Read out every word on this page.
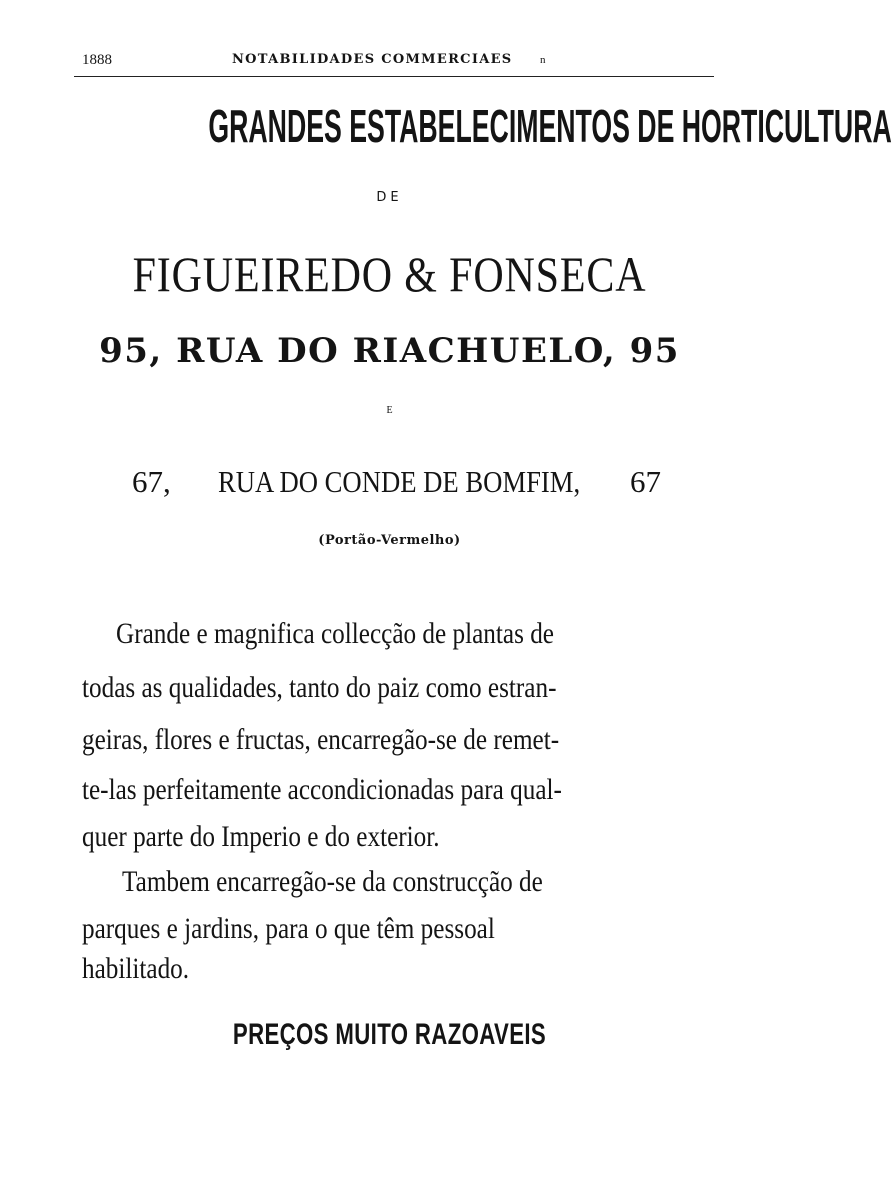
1888	NOTABILIDADES COMMERCIAES	n
GRANDES ESTABELECIMENTOS DE HORTICULTURA
DE
FIGUEIREDO & FONSECA
95, RUA DO RIACHUELO, 95
E
67, RUA DO CONDE DE BOMFIM, 67
(Portão-Vermelho)
Grande e magnifica collecção de plantas de
todas as qualidades, tanto do paiz como estran-
geiras, flores e fructas, encarregão-se de remet-
te-las perfeitamente accondicionadas para qual-
quer parte do Imperio e do exterior.
Tambem encarregão-se da construcção de
parques e jardins, para o que têm pessoal
habilitado.
PREÇOS MUITO RAZOAVEIS
